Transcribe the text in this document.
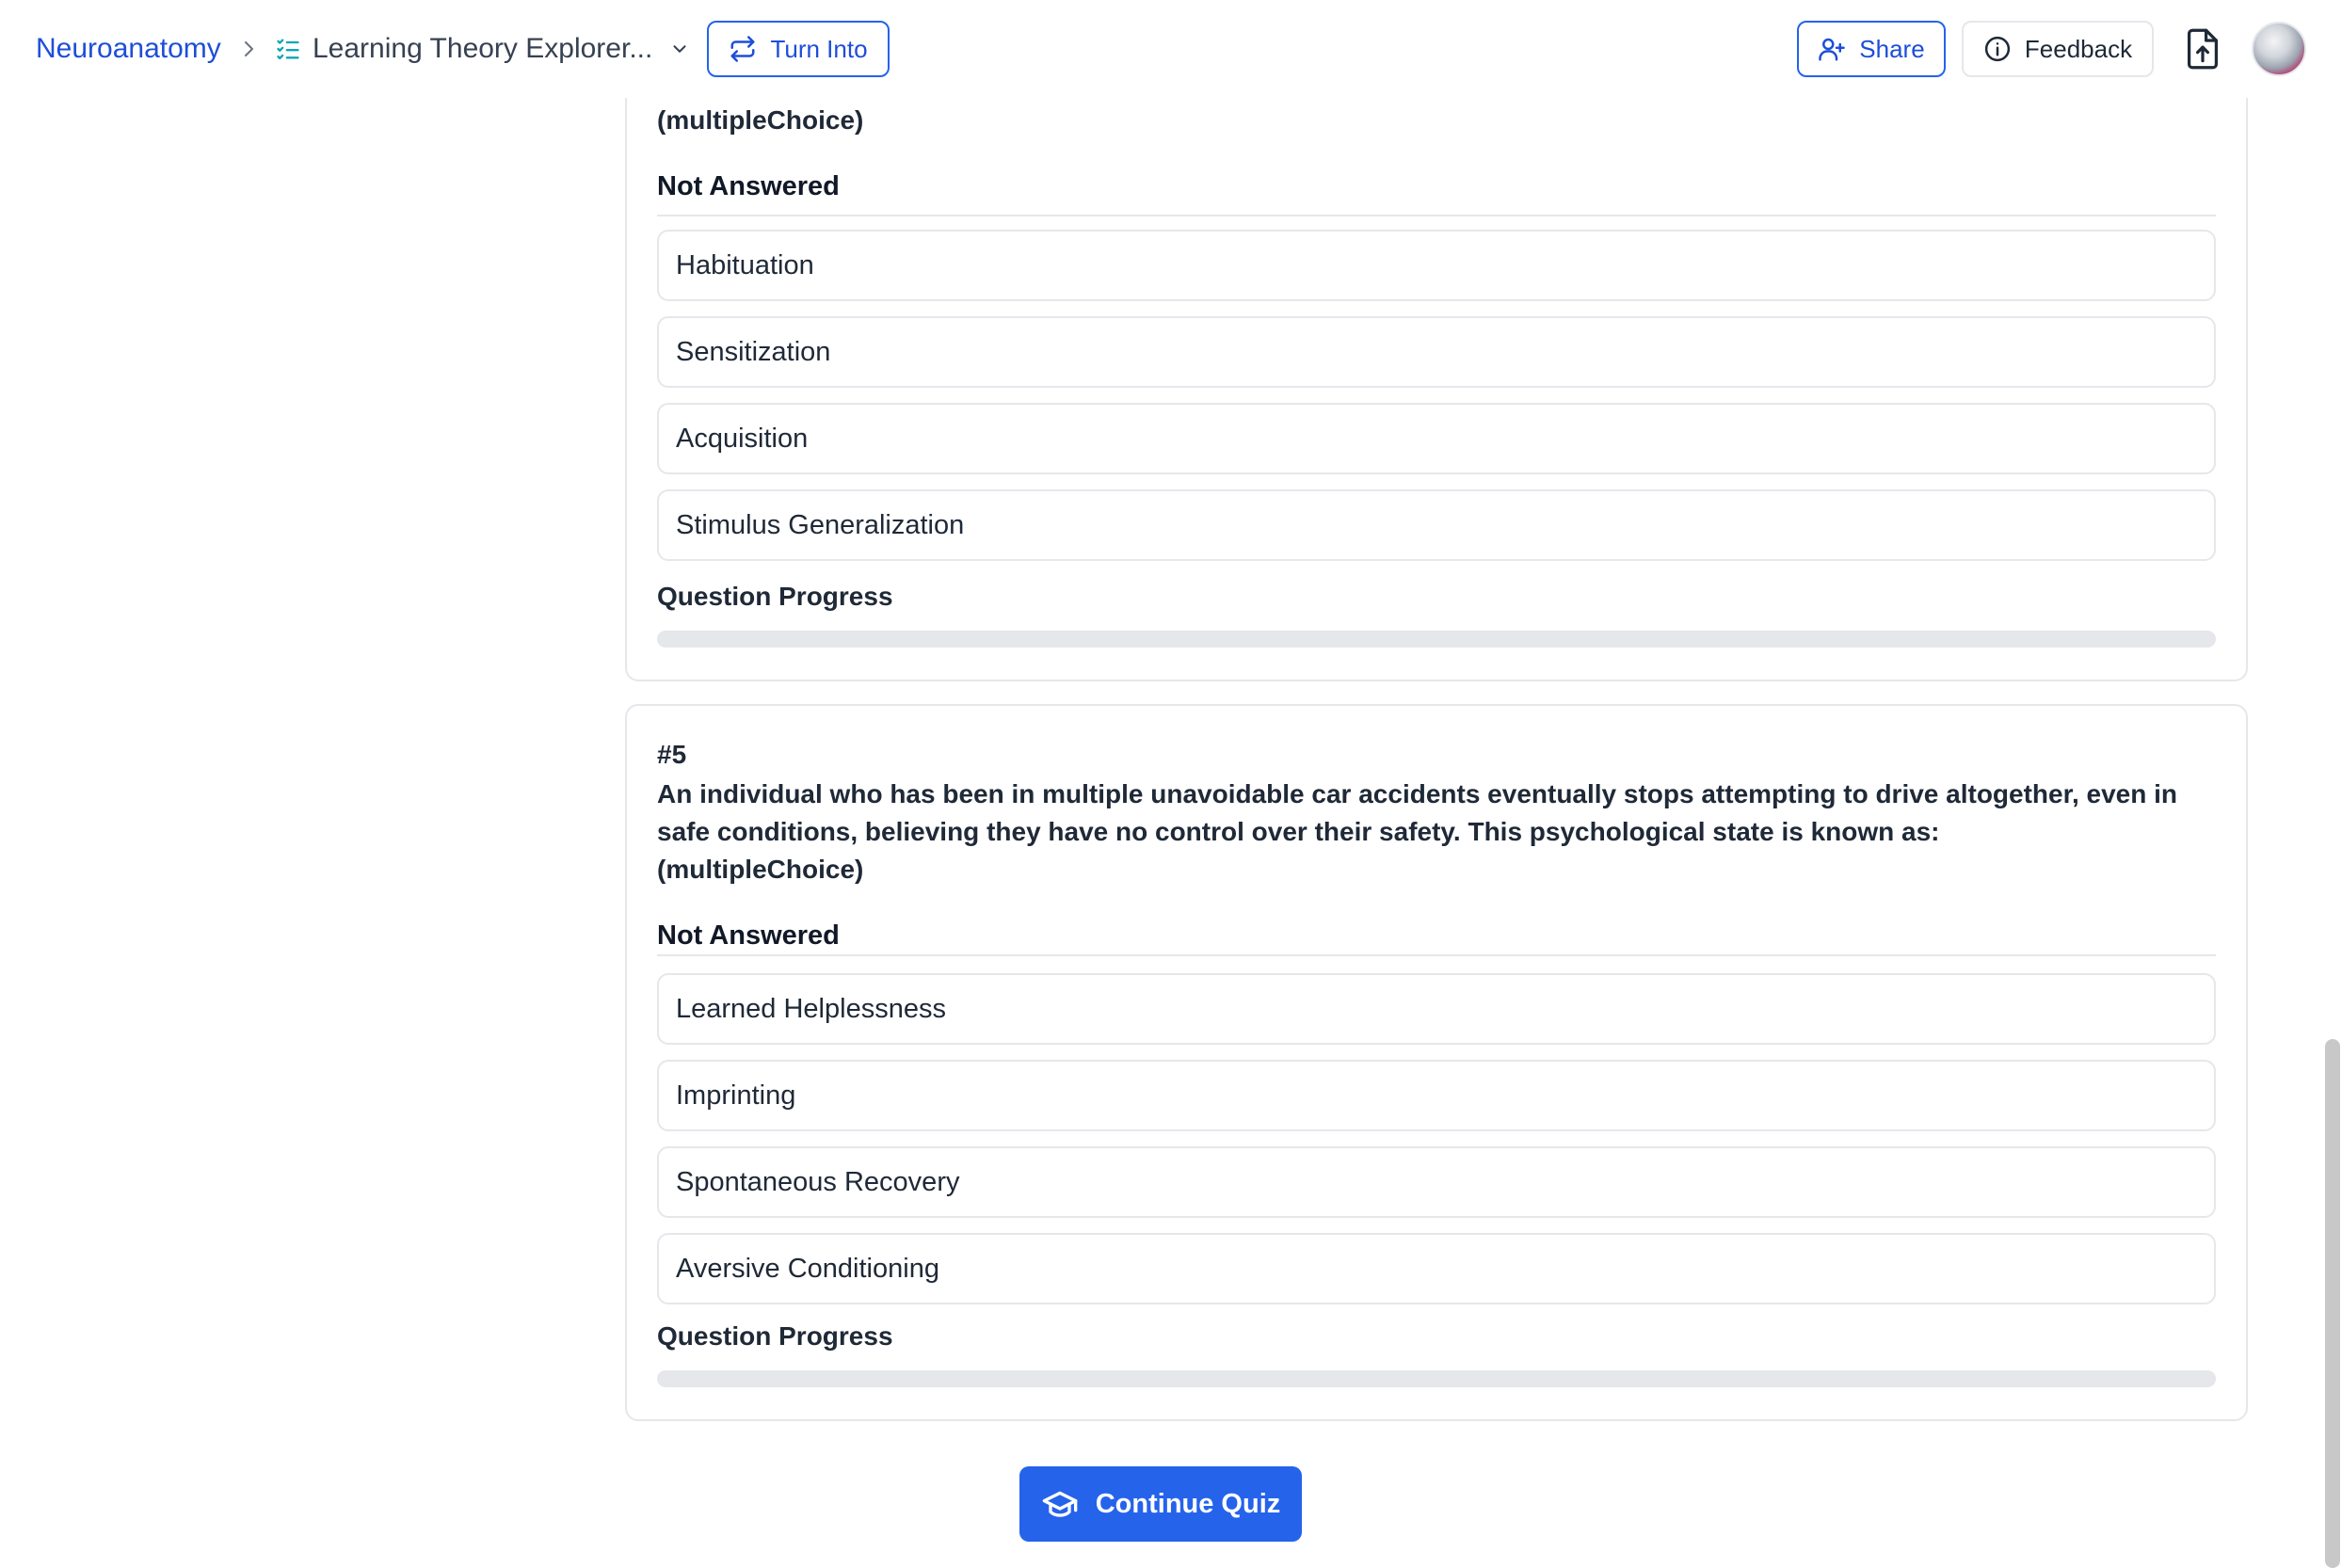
(multipleChoice)
Not Answered
Habituation
Sensitization
Acquisition
Stimulus Generalization
Question Progress
#5
An individual who has been in multiple unavoidable car accidents eventually stops attempting to drive altogether, even in safe conditions, believing they have no control over their safety. This psychological state is known as:
(multipleChoice)
Not Answered
Learned Helplessness
Imprinting
Spontaneous Recovery
Aversive Conditioning
Question Progress
Continue Quiz
Neuroanatomy	Learning Theory Explorer...	Turn Into	Share	Feedback
